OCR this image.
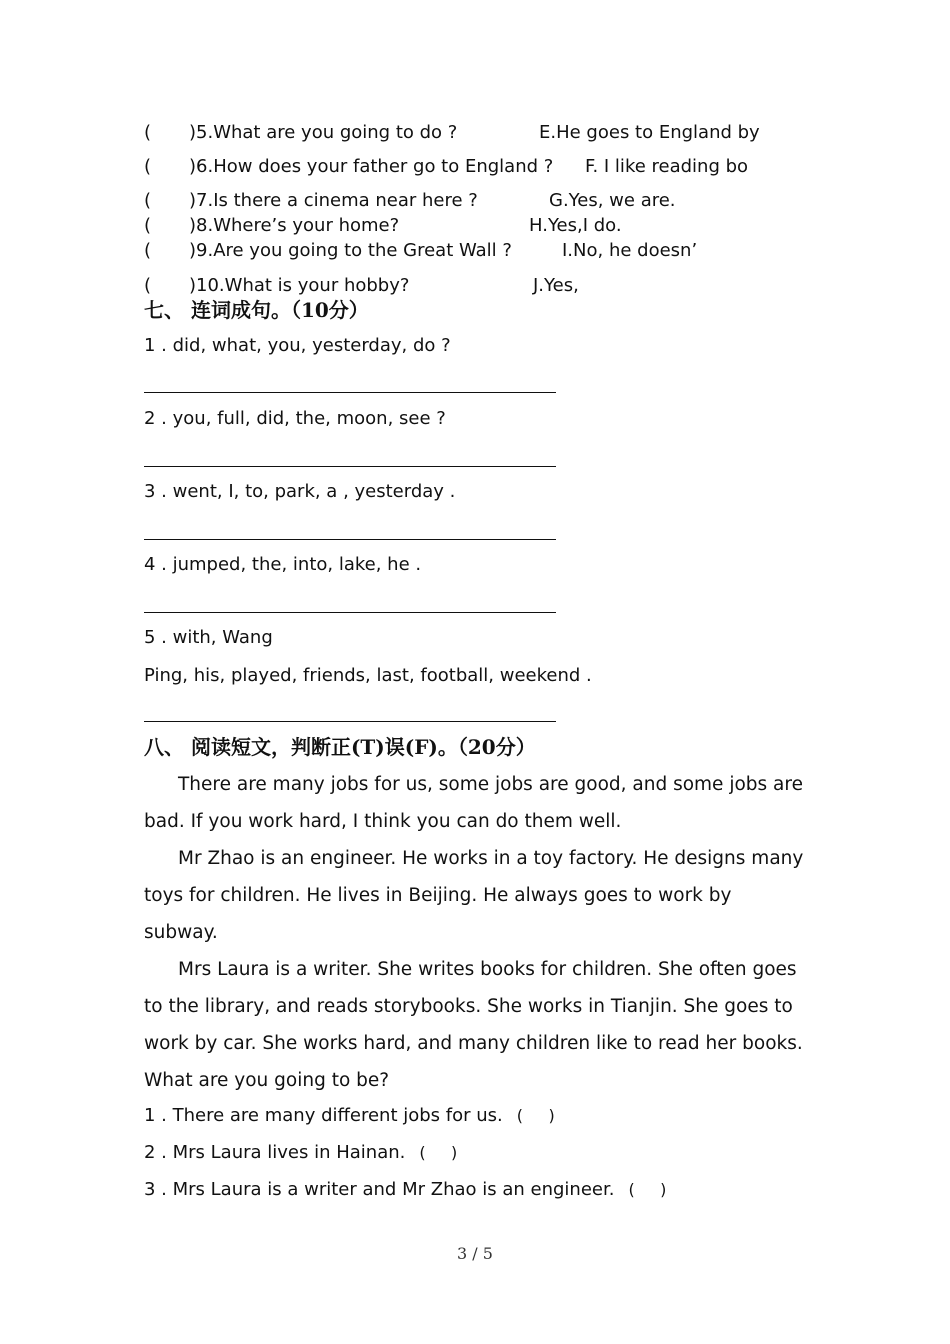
( )5.What are you going to do ?	E.He goes to England by
( )6.How does your father go to England ? F. I like reading bo
( )7.Is there a cinema near here ?	G.Yes, we are.
( )8.Where’s your home?	H.Yes,I do.
( )9.Are you going to the Great Wall ?	I.No, he doesn’
( )10.What is your hobby?	J.Yes,
七、 连词成句。（10分）
1 . did, what, you, yesterday, do ?
2 . you, full, did, the, moon, see ?
3 . went, I, to, park, a , yesterday .
4 . jumped, the, into, lake, he .
5 . with, Wang
Ping, his, played, friends, last, football, weekend .
八、 阅读短文，判断正(T)误(F)。（20分）
There are many jobs for us, some jobs are good, and some jobs are bad. If you work hard, I think you can do them well.
Mr Zhao is an engineer. He works in a toy factory. He designs many toys for children. He lives in Beijing. He always goes to work by subway.
Mrs Laura is a writer. She writes books for children. She often goes to the library, and reads storybooks. She works in Tianjin. She goes to work by car. She works hard, and many children like to read her books. What are you going to be?
1 . There are many different jobs for us. (     )
2 . Mrs Laura lives in Hainan. (     )
3 . Mrs Laura is a writer and Mr Zhao is an engineer. (     )
3 / 5
